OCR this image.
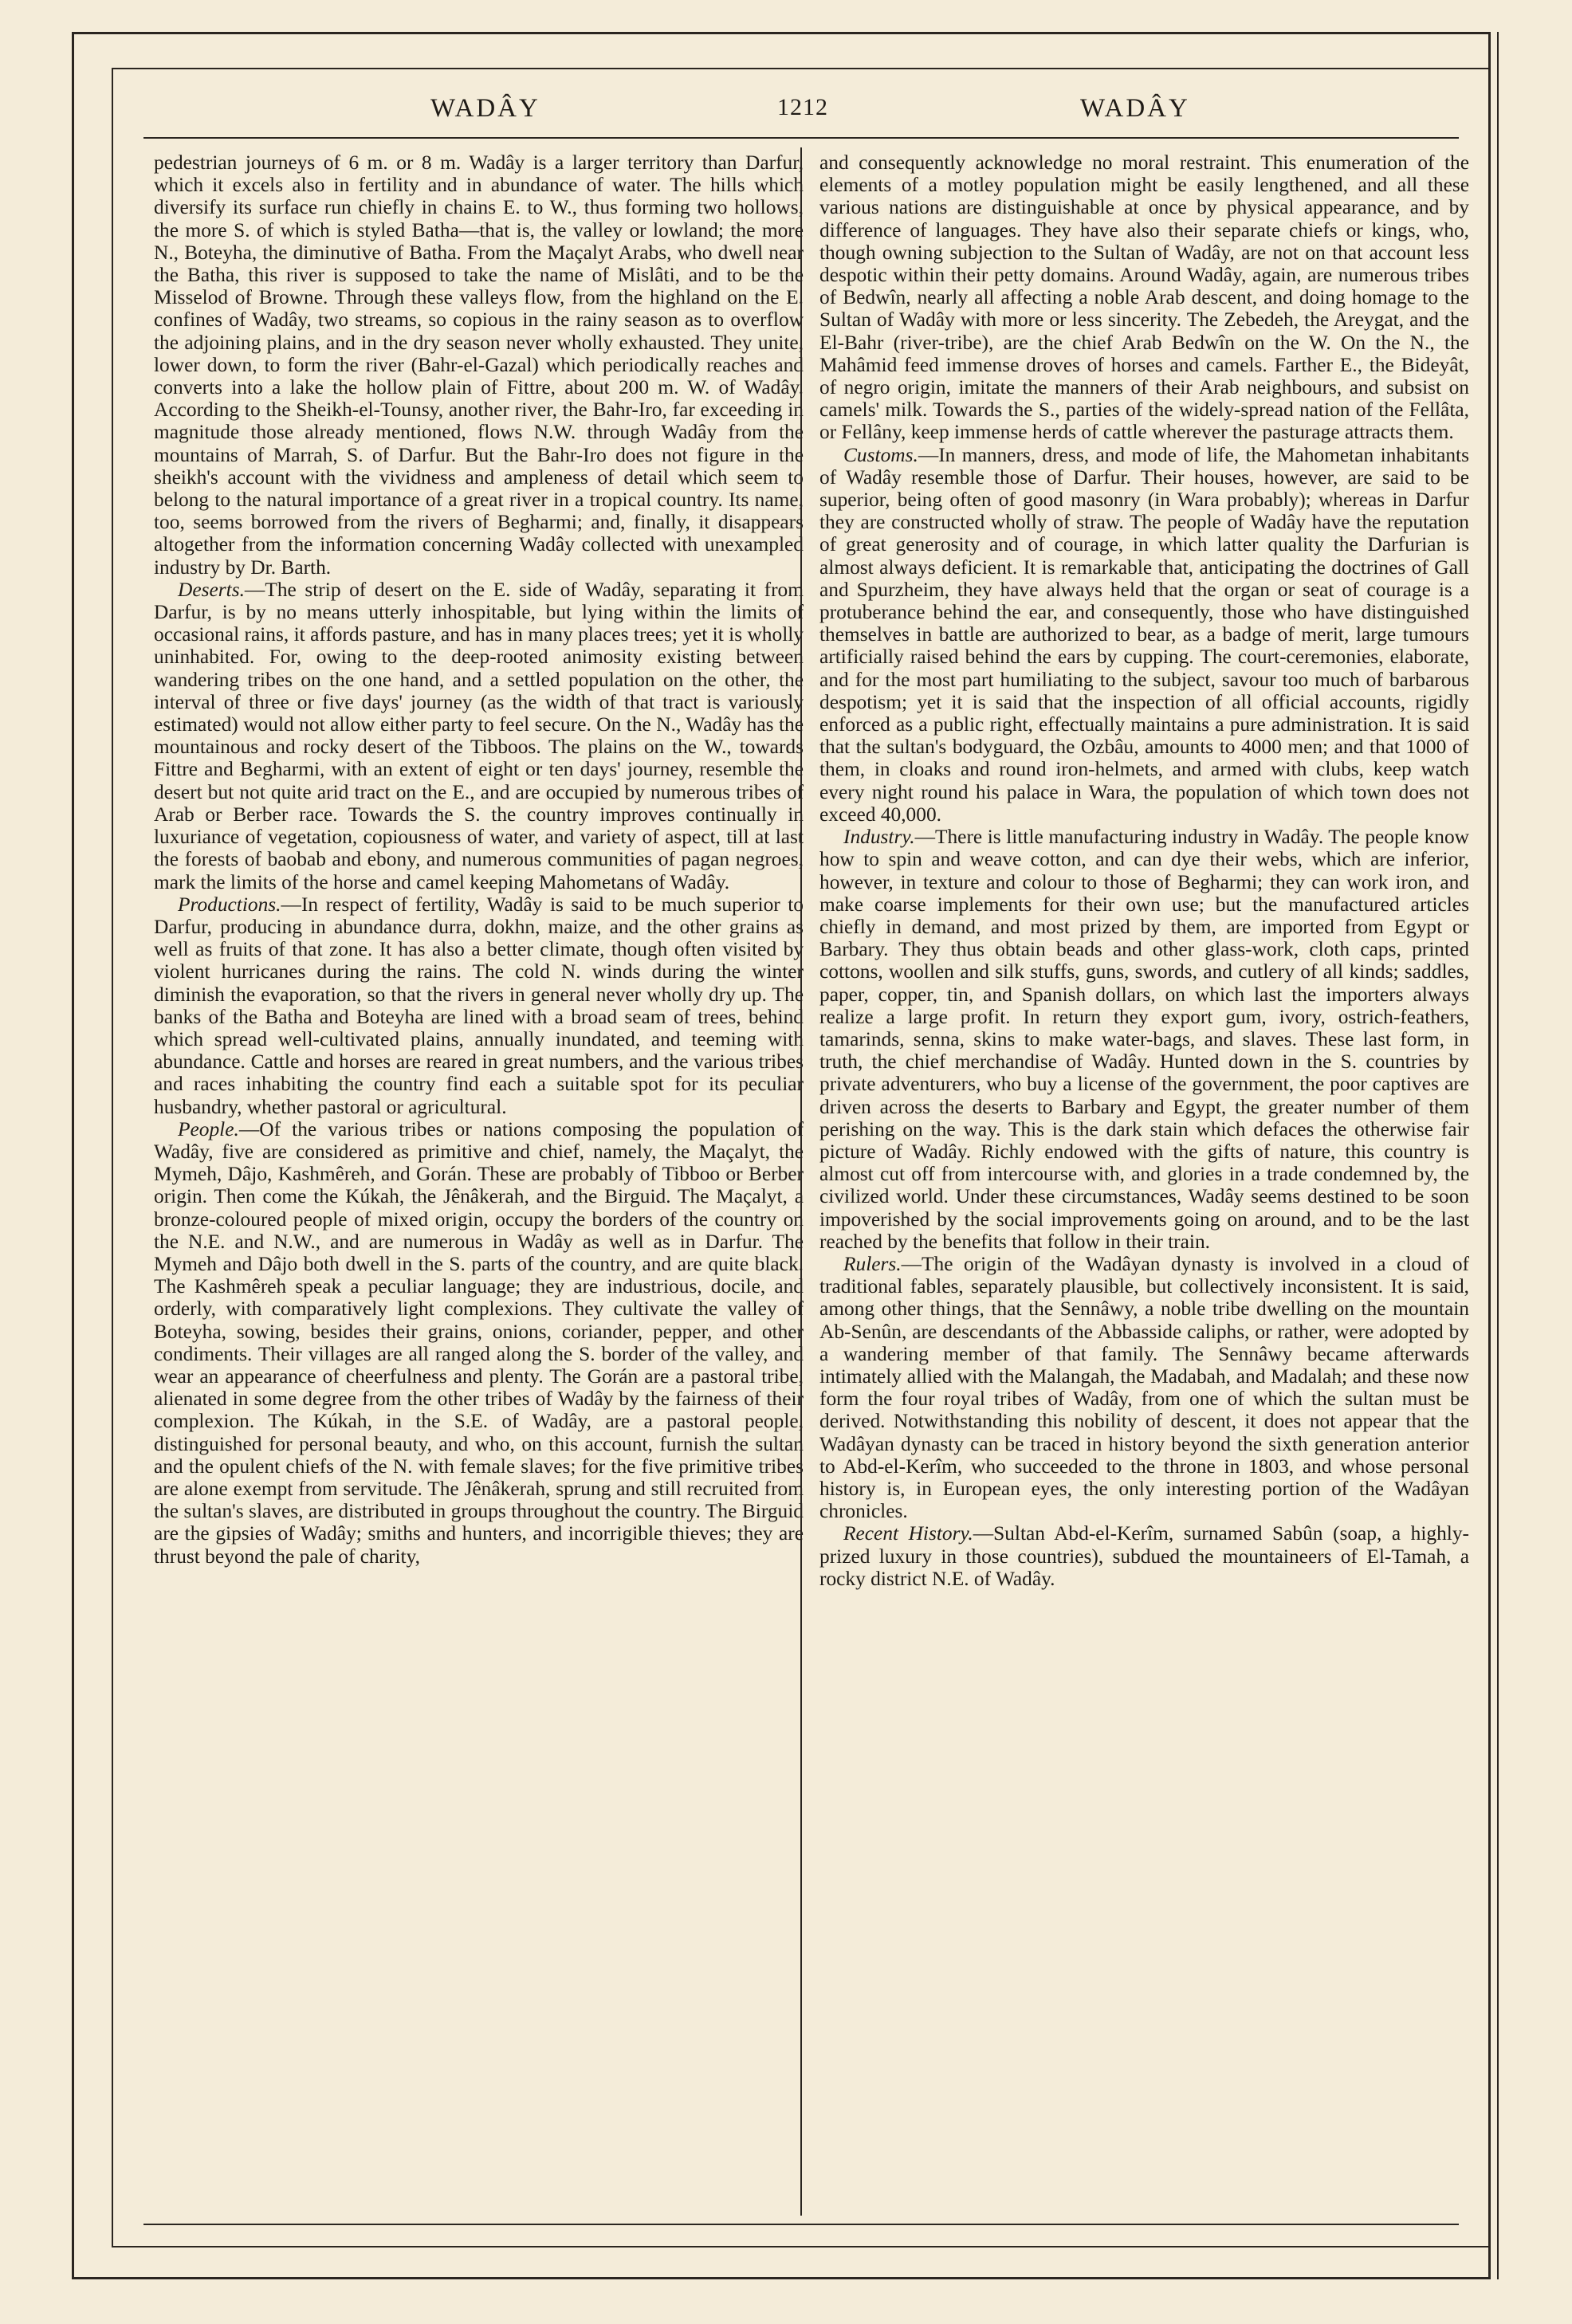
WADÂY	1212	WADÂY

pedestrian journeys of 6 m. or 8 m. Wadây is a larger territory than Darfur, which it excels also in fertility and in abundance of water. The hills which diversify its surface run chiefly in chains E. to W., thus forming two hollows, the more S. of which is styled Batha—that is, the valley or lowland; the more N., Boteyha, the diminutive of Batha. From the Maçalyt Arabs, who dwell near the Batha, this river is supposed to take the name of Mislâti, and to be the Misselod of Browne. Through these valleys flow, from the highland on the E. confines of Wadây, two streams, so copious in the rainy season as to overflow the adjoining plains, and in the dry season never wholly exhausted. They unite, lower down, to form the river (Bahr-el-Gazal) which periodically reaches and converts into a lake the hollow plain of Fittre, about 200 m. W. of Wadây. According to the Sheikh-el-Tounsy, another river, the Bahr-Iro, far exceeding in magnitude those already mentioned, flows N.W. through Wadây from the mountains of Marrah, S. of Darfur. But the Bahr-Iro does not figure in the sheikh's account with the vividness and ampleness of detail which seem to belong to the natural importance of a great river in a tropical country. Its name, too, seems borrowed from the rivers of Begharmi; and, finally, it disappears altogether from the information concerning Wadây collected with unexampled industry by Dr. Barth.

Deserts.—The strip of desert on the E. side of Wadây, separating it from Darfur, is by no means utterly inhospitable, but lying within the limits of occasional rains, it affords pasture, and has in many places trees; yet it is wholly uninhabited. For, owing to the deep-rooted animosity existing between wandering tribes on the one hand, and a settled population on the other, the interval of three or five days' journey (as the width of that tract is variously estimated) would not allow either party to feel secure. On the N., Wadây has the mountainous and rocky desert of the Tibboos. The plains on the W., towards Fittre and Begharmi, with an extent of eight or ten days' journey, resemble the desert but not quite arid tract on the E., and are occupied by numerous tribes of Arab or Berber race. Towards the S. the country improves continually in luxuriance of vegetation, copiousness of water, and variety of aspect, till at last the forests of baobab and ebony, and numerous communities of pagan negroes, mark the limits of the horse and camel keeping Mahometans of Wadây.

Productions.—In respect of fertility, Wadây is said to be much superior to Darfur, producing in abundance durra, dokhn, maize, and the other grains as well as fruits of that zone. It has also a better climate, though often visited by violent hurricanes during the rains. The cold N. winds during the winter diminish the evaporation, so that the rivers in general never wholly dry up. The banks of the Batha and Boteyha are lined with a broad seam of trees, behind which spread well-cultivated plains, annually inundated, and teeming with abundance. Cattle and horses are reared in great numbers, and the various tribes and races inhabiting the country find each a suitable spot for its peculiar husbandry, whether pastoral or agricultural.

People.—Of the various tribes or nations composing the population of Wadây, five are considered as primitive and chief, namely, the Maçalyt, the Mymeh, Dâjo, Kashmêreh, and Gorán. These are probably of Tibboo or Berber origin. Then come the Kúkah, the Jênâkerah, and the Birguid. The Maçalyt, a bronze-coloured people of mixed origin, occupy the borders of the country on the N.E. and N.W., and are numerous in Wadây as well as in Darfur. The Mymeh and Dâjo both dwell in the S. parts of the country, and are quite black. The Kashmêreh speak a peculiar language; they are industrious, docile, and orderly, with comparatively light complexions. They cultivate the valley of Boteyha, sowing, besides their grains, onions, coriander, pepper, and other condiments. Their villages are all ranged along the S. border of the valley, and wear an appearance of cheerfulness and plenty. The Gorán are a pastoral tribe, alienated in some degree from the other tribes of Wadây by the fairness of their complexion. The Kúkah, in the S.E. of Wadây, are a pastoral people, distinguished for personal beauty, and who, on this account, furnish the sultan and the opulent chiefs of the N. with female slaves; for the five primitive tribes are alone exempt from servitude. The Jênâkerah, sprung and still recruited from the sultan's slaves, are distributed in groups throughout the country. The Birguid are the gipsies of Wadây; smiths and hunters, and incorrigible thieves; they are thrust beyond the pale of charity,

and consequently acknowledge no moral restraint. This enumeration of the elements of a motley population might be easily lengthened, and all these various nations are distinguishable at once by physical appearance, and by difference of languages. They have also their separate chiefs or kings, who, though owning subjection to the Sultan of Wadây, are not on that account less despotic within their petty domains. Around Wadây, again, are numerous tribes of Bedwîn, nearly all affecting a noble Arab descent, and doing homage to the Sultan of Wadây with more or less sincerity. The Zebedeh, the Areygat, and the El-Bahr (river-tribe), are the chief Arab Bedwîn on the W. On the N., the Mahâmid feed immense droves of horses and camels. Farther E., the Bideyât, of negro origin, imitate the manners of their Arab neighbours, and subsist on camels' milk. Towards the S., parties of the widely-spread nation of the Fellâta, or Fellâny, keep immense herds of cattle wherever the pasturage attracts them.

Customs.—In manners, dress, and mode of life, the Mahometan inhabitants of Wadây resemble those of Darfur. Their houses, however, are said to be superior, being often of good masonry (in Wara probably); whereas in Darfur they are constructed wholly of straw. The people of Wadây have the reputation of great generosity and of courage, in which latter quality the Darfurian is almost always deficient. It is remarkable that, anticipating the doctrines of Gall and Spurzheim, they have always held that the organ or seat of courage is a protuberance behind the ear, and consequently, those who have distinguished themselves in battle are authorized to bear, as a badge of merit, large tumours artificially raised behind the ears by cupping. The court-ceremonies, elaborate, and for the most part humiliating to the subject, savour too much of barbarous despotism; yet it is said that the inspection of all official accounts, rigidly enforced as a public right, effectually maintains a pure administration. It is said that the sultan's bodyguard, the Ozbâu, amounts to 4000 men; and that 1000 of them, in cloaks and round iron-helmets, and armed with clubs, keep watch every night round his palace in Wara, the population of which town does not exceed 40,000.

Industry.—There is little manufacturing industry in Wadây. The people know how to spin and weave cotton, and can dye their webs, which are inferior, however, in texture and colour to those of Begharmi; they can work iron, and make coarse implements for their own use; but the manufactured articles chiefly in demand, and most prized by them, are imported from Egypt or Barbary. They thus obtain beads and other glass-work, cloth caps, printed cottons, woollen and silk stuffs, guns, swords, and cutlery of all kinds; saddles, paper, copper, tin, and Spanish dollars, on which last the importers always realize a large profit. In return they export gum, ivory, ostrich-feathers, tamarinds, senna, skins to make water-bags, and slaves. These last form, in truth, the chief merchandise of Wadây. Hunted down in the S. countries by private adventurers, who buy a license of the government, the poor captives are driven across the deserts to Barbary and Egypt, the greater number of them perishing on the way. This is the dark stain which defaces the otherwise fair picture of Wadây. Richly endowed with the gifts of nature, this country is almost cut off from intercourse with, and glories in a trade condemned by, the civilized world. Under these circumstances, Wadây seems destined to be soon impoverished by the social improvements going on around, and to be the last reached by the benefits that follow in their train.

Rulers.—The origin of the Wadâyan dynasty is involved in a cloud of traditional fables, separately plausible, but collectively inconsistent. It is said, among other things, that the Sennâwy, a noble tribe dwelling on the mountain Ab-Senûn, are descendants of the Abbasside caliphs, or rather, were adopted by a wandering member of that family. The Sennâwy became afterwards intimately allied with the Malangah, the Madabah, and Madalah; and these now form the four royal tribes of Wadây, from one of which the sultan must be derived. Notwithstanding this nobility of descent, it does not appear that the Wadâyan dynasty can be traced in history beyond the sixth generation anterior to Abd-el-Kerîm, who succeeded to the throne in 1803, and whose personal history is, in European eyes, the only interesting portion of the Wadâyan chronicles.

Recent History.—Sultan Abd-el-Kerîm, surnamed Sabûn (soap, a highly-prized luxury in those countries), subdued the mountaineers of El-Tamah, a rocky district N.E. of Wadây.
